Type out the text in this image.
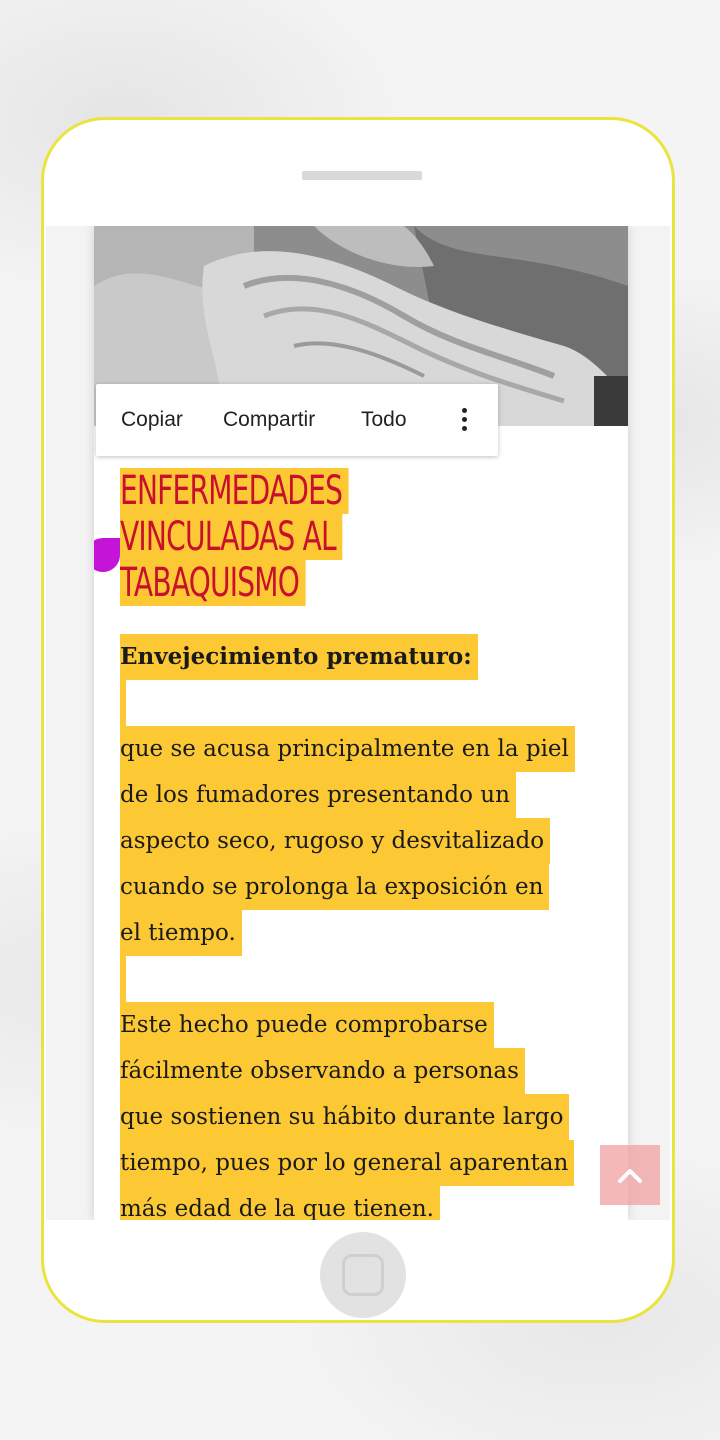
Copiar Compartir Todo
ENFERMEDADES
VINCULADAS AL
TABAQUISMO
Envejecimiento prematuro:

que se acusa principalmente en la piel
de los fumadores presentando un
aspecto seco, rugoso y desvitalizado
cuando se prolonga la exposición en
el tiempo.

Este hecho puede comprobarse
fácilmente observando a personas
que sostienen su hábito durante largo
tiempo, pues por lo general aparentan
más edad de la que tienen.
